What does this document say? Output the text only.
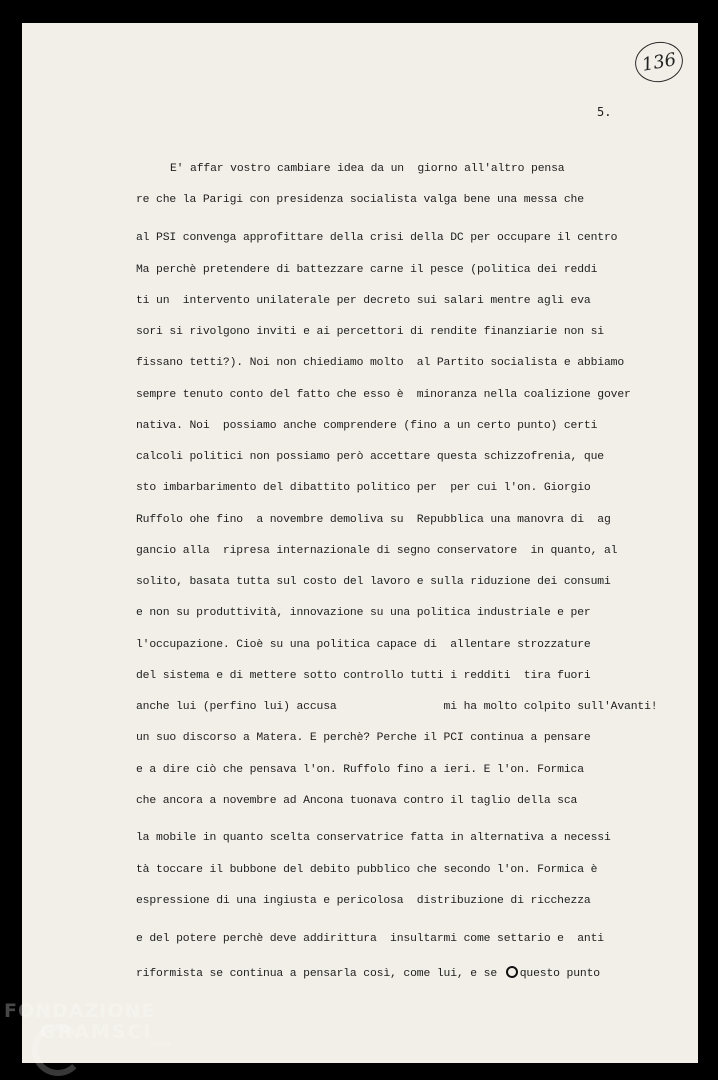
136
5.
E' affar vostro cambiare idea da un  giorno all'altro pensa
re che la Parigi con presidenza socialista valga bene una messa che
al PSI convenga approfittare della crisi della DC per occupare il centro
Ma perchè pretendere di battezzare carne il pesce (politica dei reddi
ti un  intervento unilaterale per decreto sui salari mentre agli eva
sori si rivolgono inviti e ai percettori di rendite finanziarie non si
fissano tetti?). Noi non chiediamo molto  al Partito socialista e abbiamo
sempre tenuto conto del fatto che esso è  minoranza nella coalizione gover
nativa. Noi  possiamo anche comprendere (fino a un certo punto) certi
calcoli politici non possiamo però accettare questa schizzofrenia, que
sto imbarbarimento del dibattito politico per  per cui l'on. Giorgio
Ruffolo ohe fino  a novembre demoliva su  Repubblica una manovra di  ag
gancio alla  ripresa internazionale di segno conservatore  in quanto, al
solito, basata tutta sul costo del lavoro e sulla riduzione dei consumi
e non su produttività, innovazione su una politica industriale e per
l'occupazione. Cioè su una politica capace di  allentare strozzature
del sistema e di mettere sotto controllo tutti i redditi  tira fuori
anche lui (perfino lui) accusa                mi ha molto colpito sull'Avanti!
un suo discorso a Matera. E perchè? Perche il PCI continua a pensare
e a dire ciò che pensava l'on. Ruffolo fino a ieri. E l'on. Formica
che ancora a novembre ad Ancona tuonava contro il taglio della sca
la mobile in quanto scelta conservatrice fatta in alternativa a necessi
tà toccare il bubbone del debito pubblico che secondo l'on. Formica è
espressione di una ingiusta e pericolosa  distribuzione di ricchezza
e del potere perchè deve addirittura  insultarmi come settario e  anti
riformista se continua a pensarla così, come lui, e se questo punto
FONDAZIONE
GRAMSCI
onlus
